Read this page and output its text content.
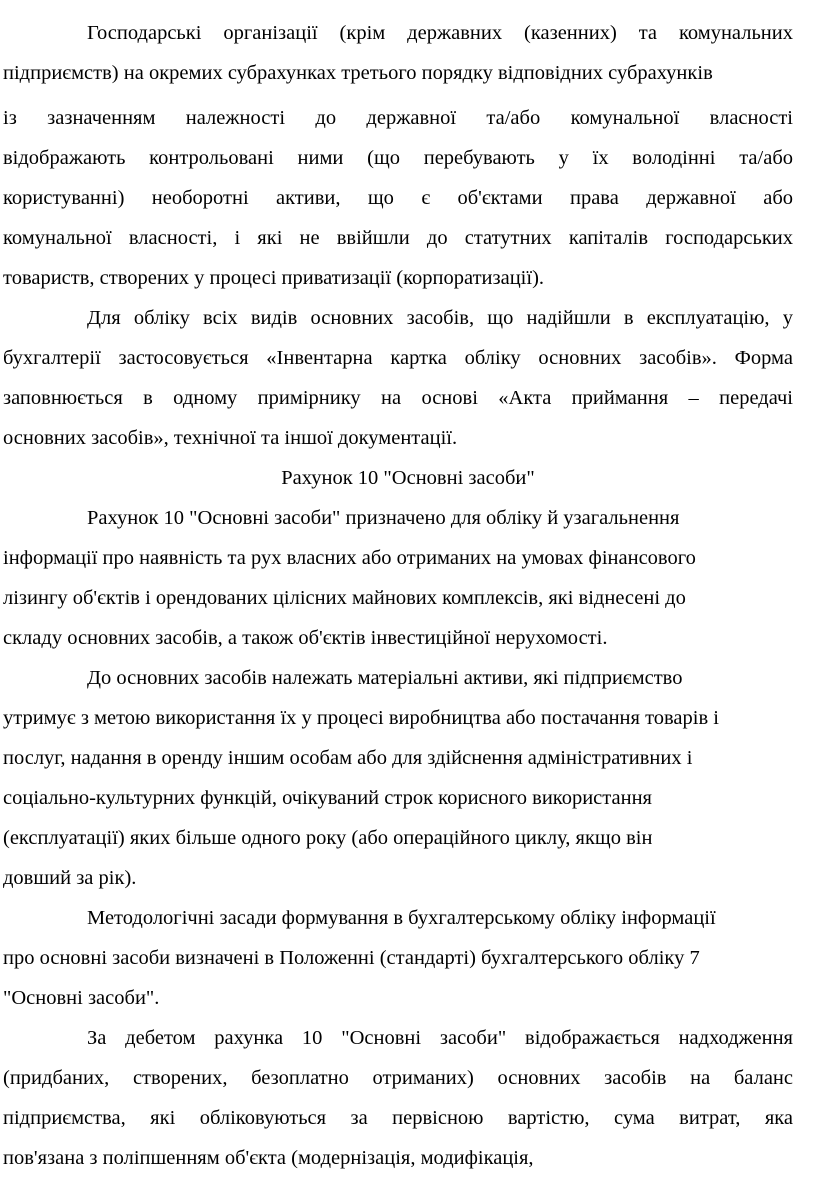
Господарські організації (крім державних (казенних) та комунальних
підприємств) на окремих субрахунках третього порядку відповідних субрахунків
із зазначенням належності до державної та/або комунальної власності
відображають контрольовані ними (що перебувають у їх володінні та/або
користуванні) необоротні активи, що є об'єктами права державної або
комунальної власності, і які не ввійшли до статутних капіталів господарських
товариств, створених у процесі приватизації (корпоратизації).
Для обліку всіх видів основних засобів, що надійшли в експлуатацію, у
бухгалтерії застосовується «Інвентарна картка обліку основних засобів». Форма
заповнюється в одному примірнику на основі «Акта приймання – передачі
основних засобів», технічної та іншої документації.
Рахунок 10 "Основні засоби"
Рахунок 10 "Основні засоби" призначено для обліку й узагальнення
інформації про наявність та рух власних або отриманих на умовах фінансового
лізингу об'єктів і орендованих цілісних майнових комплексів, які віднесені до
складу основних засобів, а також об'єктів інвестиційної нерухомості.
До основних засобів належать матеріальні активи, які підприємство
утримує з метою використання їх у процесі виробництва або постачання товарів і
послуг, надання в оренду іншим особам або для здійснення адміністративних і
соціально-культурних функцій, очікуваний строк корисного використання
(експлуатації) яких більше одного року (або операційного циклу, якщо він
довший за рік).
Методологічні засади формування в бухгалтерському обліку інформації
про основні засоби визначені в Положенні (стандарті) бухгалтерського обліку 7
"Основні засоби".
За дебетом рахунка 10 "Основні засоби" відображається надходження
(придбаних, створених, безоплатно отриманих) основних засобів на баланс
підприємства, які обліковуються за первісною вартістю, сума витрат, яка
пов'язана з поліпшенням об'єкта (модернізація, модифікація,
